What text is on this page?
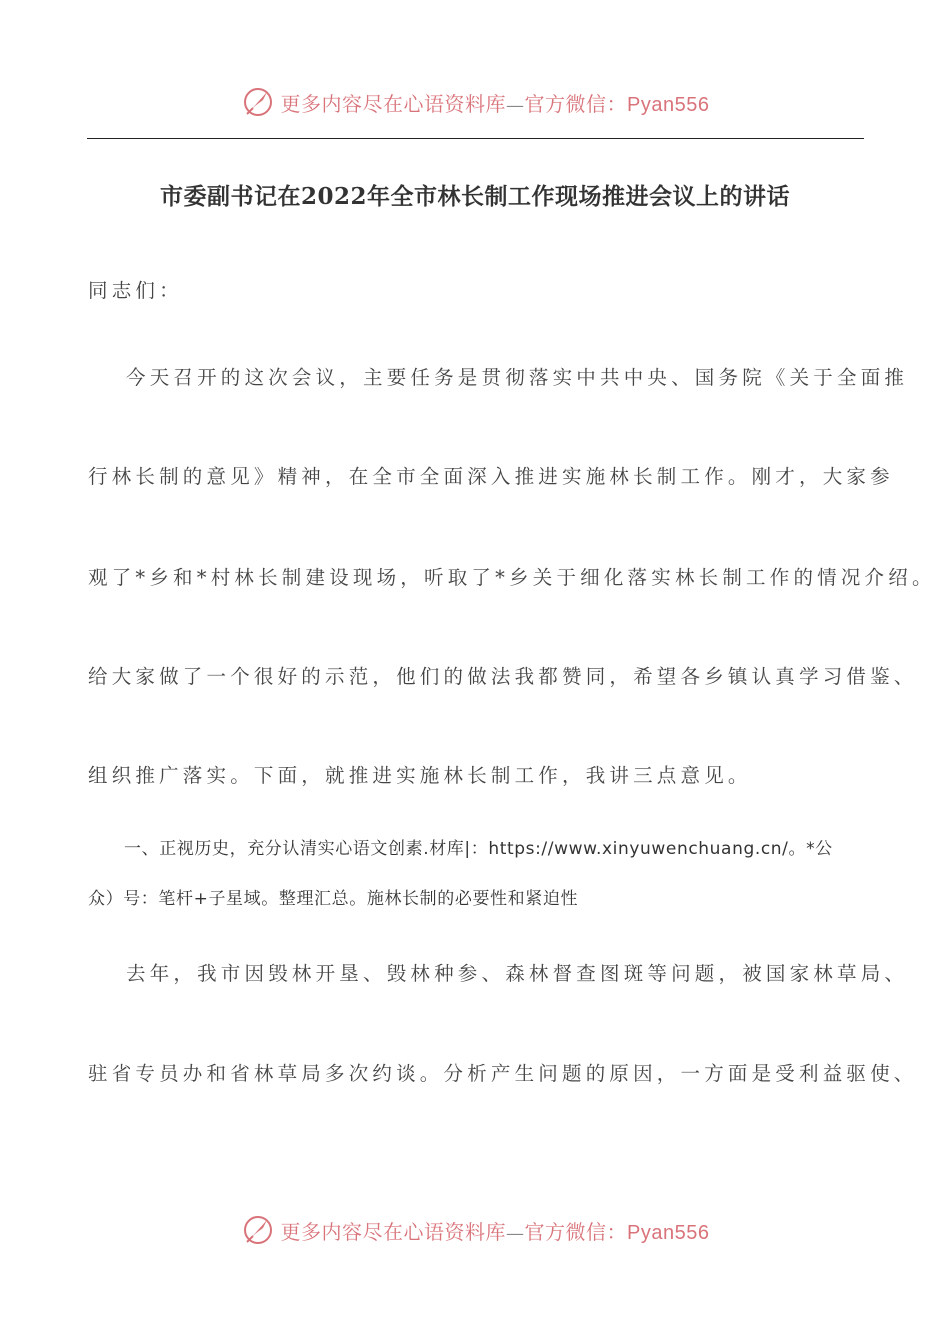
更多内容尽在心语资料库—官方微信：Pyan556
市委副书记在2022年全市林长制工作现场推进会议上的讲话
同志们：
今天召开的这次会议，主要任务是贯彻落实中共中央、国务院《关于全面推
行林长制的意见》精神，在全市全面深入推进实施林长制工作。刚才，大家参
观了*乡和*村林长制建设现场，听取了*乡关于细化落实林长制工作的情况介绍。
给大家做了一个很好的示范，他们的做法我都赞同，希望各乡镇认真学习借鉴、
组织推广落实。下面，就推进实施林长制工作，我讲三点意见。
一、正视历史，充分认清实心语文创素.材库|：https://www.xinyuwenchuang.cn/。*公
众）号：笔杆+子星域。整理汇总。施林长制的必要性和紧迫性
去年，我市因毁林开垦、毁林种参、森林督查图斑等问题，被国家林草局、
驻省专员办和省林草局多次约谈。分析产生问题的原因，一方面是受利益驱使、
更多内容尽在心语资料库—官方微信：Pyan556
